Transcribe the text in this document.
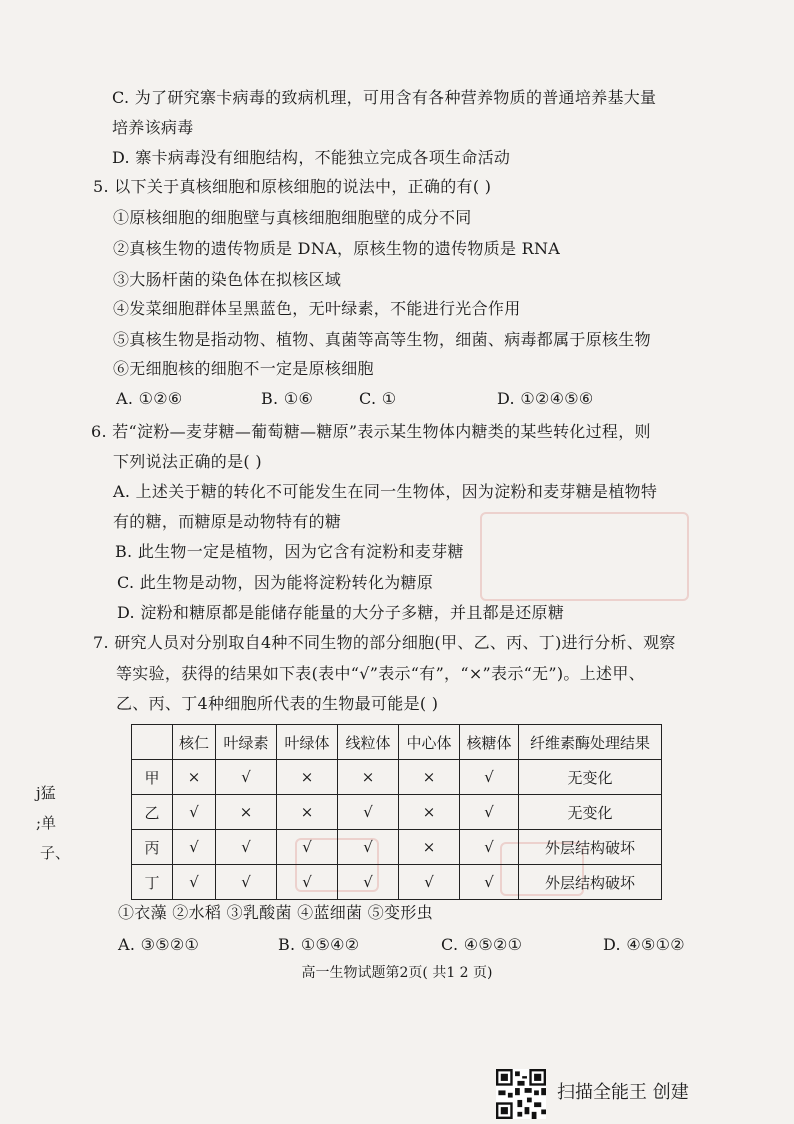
C. 为了研究寨卡病毒的致病机理，可用含有各种营养物质的普通培养基大量
培养该病毒
D. 寨卡病毒没有细胞结构，不能独立完成各项生命活动
5. 以下关于真核细胞和原核细胞的说法中，正确的有( )
①原核细胞的细胞壁与真核细胞细胞壁的成分不同
②真核生物的遗传物质是 DNA，原核生物的遗传物质是 RNA
③大肠杆菌的染色体在拟核区域
④发菜细胞群体呈黑蓝色，无叶绿素，不能进行光合作用
⑤真核生物是指动物、植物、真菌等高等生物，细菌、病毒都属于原核生物
⑥无细胞核的细胞不一定是原核细胞
A. ①②⑥	B. ①⑥	C. ①	D. ①②④⑤⑥
6. 若“淀粉—麦芽糖—葡萄糖—糖原”表示某生物体内糖类的某些转化过程，则
下列说法正确的是( )
A. 上述关于糖的转化不可能发生在同一生物体，因为淀粉和麦芽糖是植物特
有的糖，而糖原是动物特有的糖
B. 此生物一定是植物，因为它含有淀粉和麦芽糖
C. 此生物是动物，因为能将淀粉转化为糖原
D. 淀粉和糖原都是能储存能量的大分子多糖，并且都是还原糖
7. 研究人员对分别取自4种不同生物的部分细胞(甲、乙、丙、丁)进行分析、观察
等实验，获得的结果如下表(表中“√”表示“有”，“×”表示“无”)。上述甲、
乙、丙、丁4种细胞所代表的生物最可能是( )
	核仁	叶绿素	叶绿体	线粒体	中心体	核糖体	纤维素酶处理结果
甲	×	√	×	×	×	√	无变化
乙	√	×	×	√	×	√	无变化
丙	√	√	√	√	×	√	外层结构破坏
丁	√	√	√	√	√	√	外层结构破坏
①衣藻 ②水稻 ③乳酸菌 ④蓝细菌 ⑤变形虫
A. ③⑤②①	B. ①⑤④②	C. ④⑤②①	D. ④⑤①②
j猛
;单
子、
高一生物试题第2页( 共1 2 页)
扫描全能王 创建
